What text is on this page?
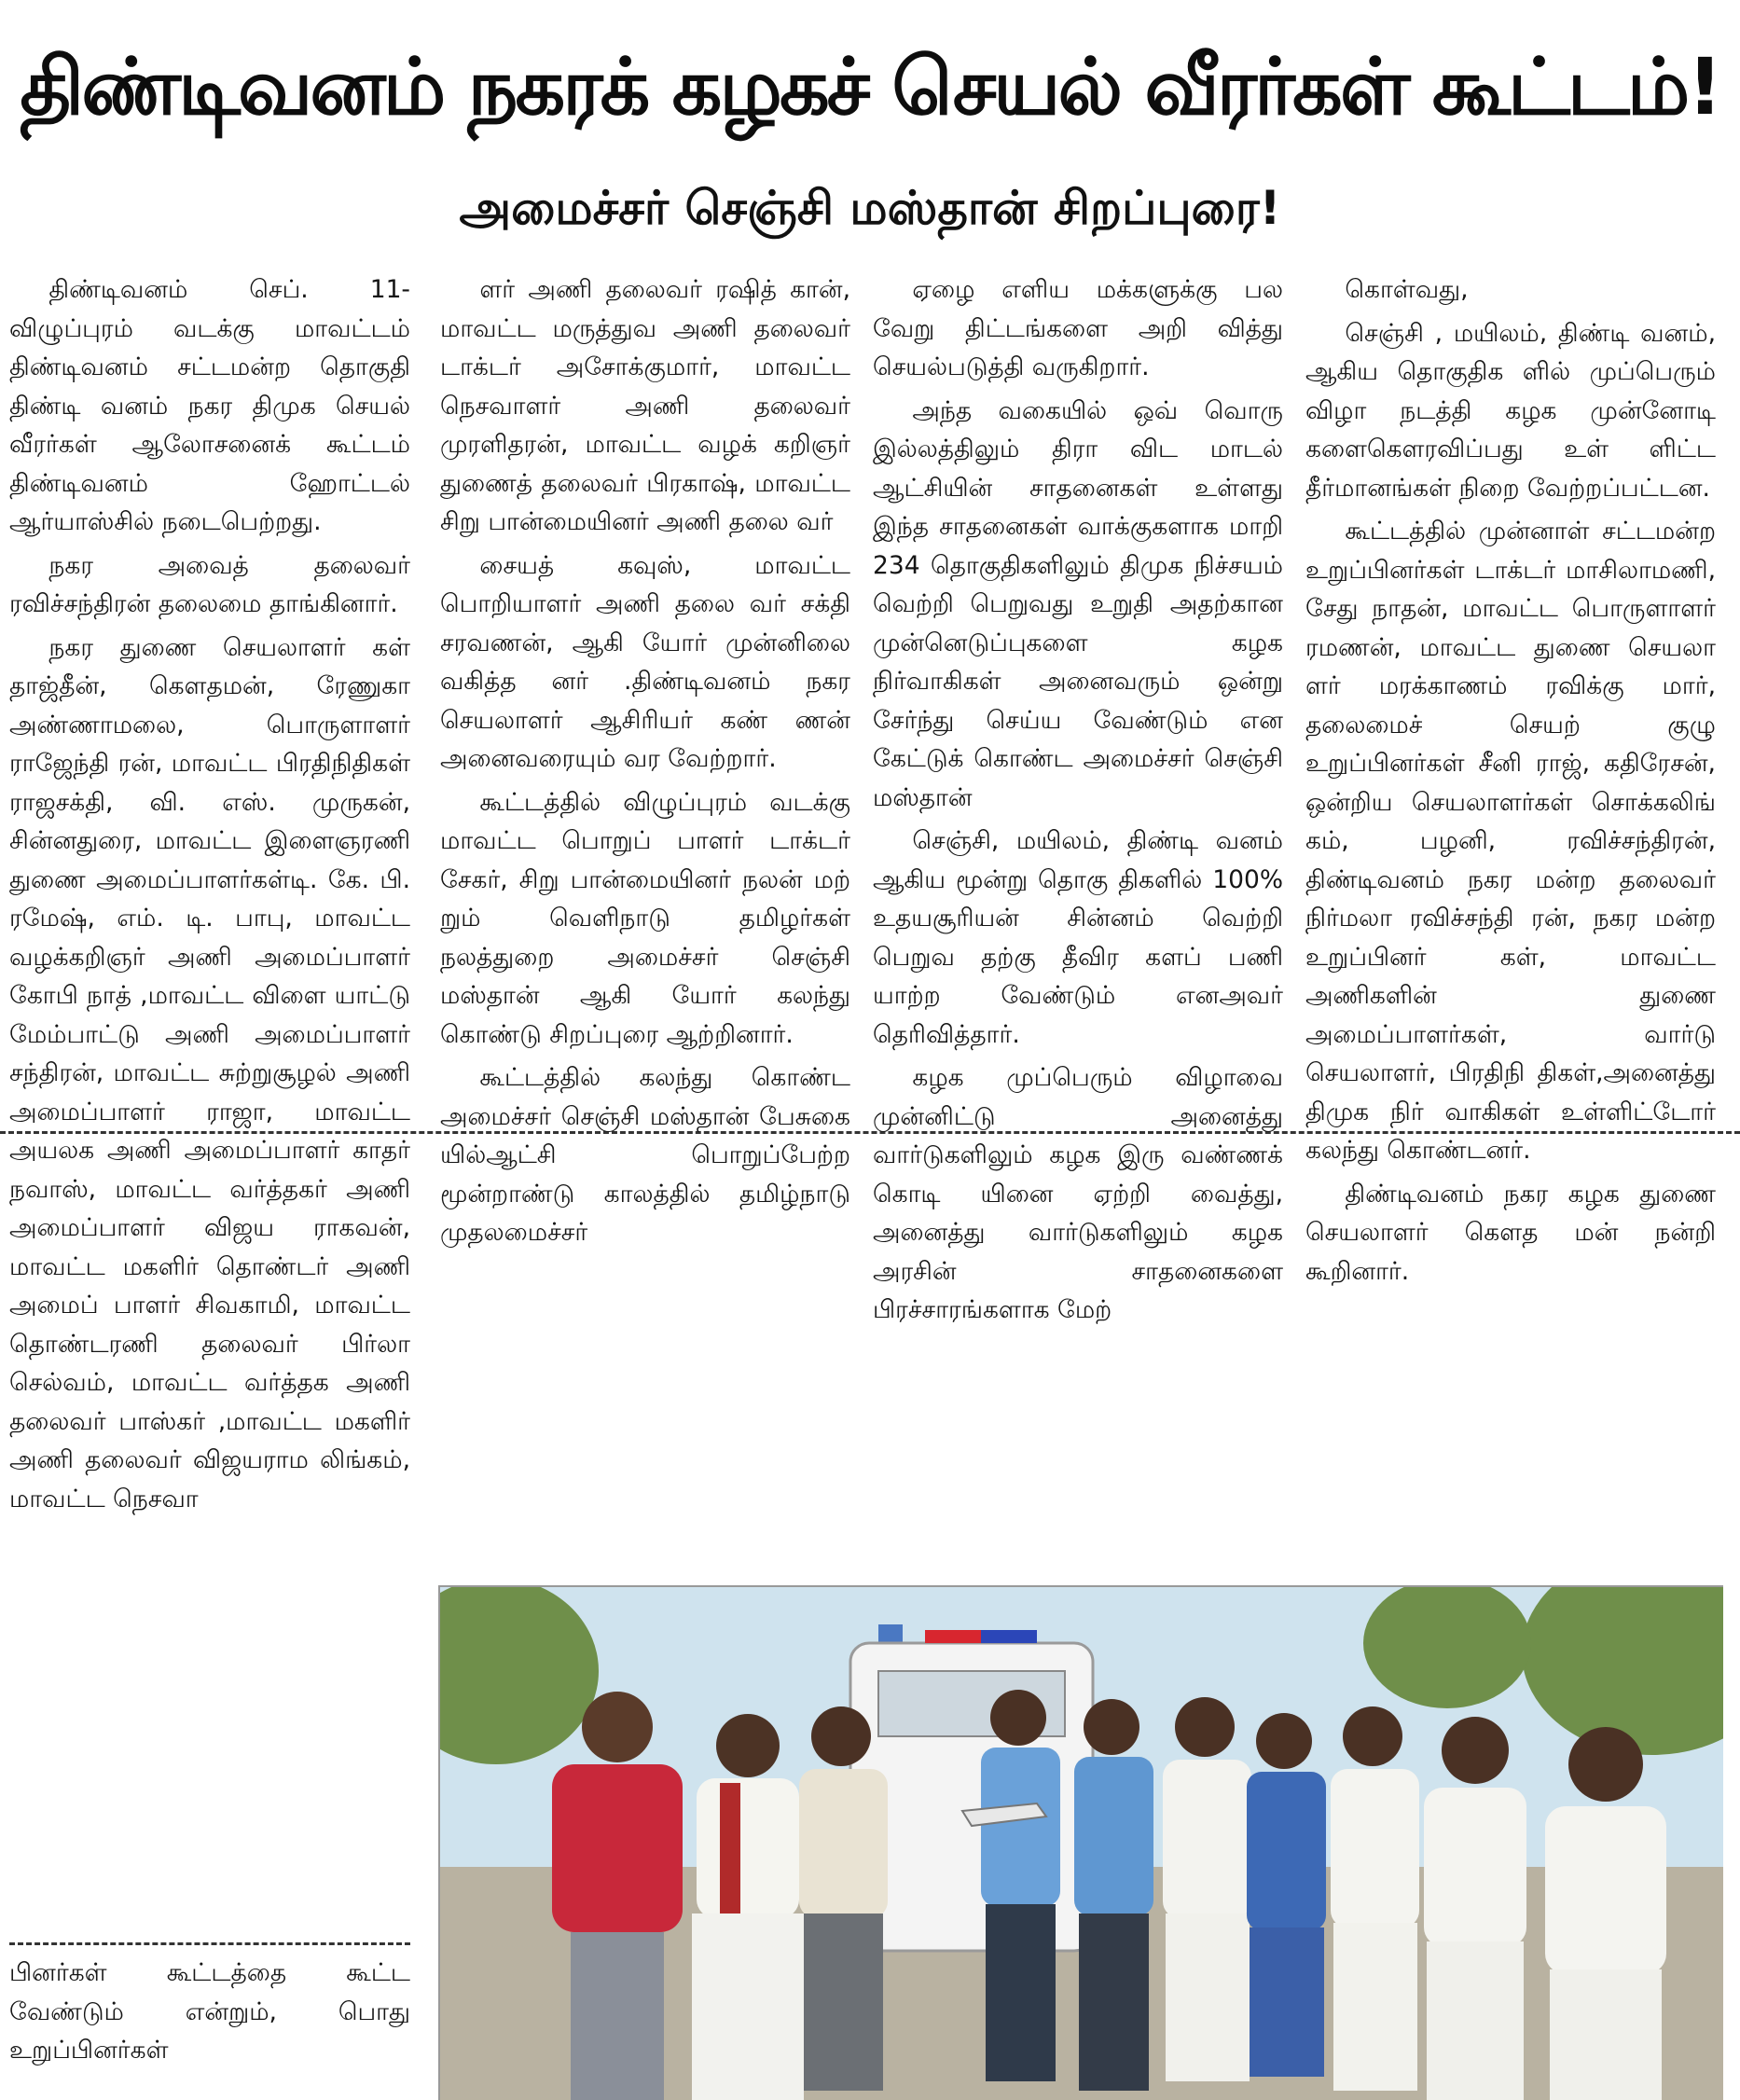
திண்டிவனம் நகரக் கழகச் செயல் வீரர்கள் கூட்டம்!
அமைச்சர் செஞ்சி மஸ்தான் சிறப்புரை!

திண்டிவனம் செப். 11- விழுப்புரம் வடக்கு மாவட்டம் திண்டிவனம் சட்டமன்ற தொகுதி திண்டி வனம் நகர திமுக செயல் வீரர்கள் ஆலோசனைக் கூட்டம் திண்டிவனம் ஹோட்டல் ஆர்யாஸ்சில் நடைபெற்றது.

நகர அவைத் தலைவர் ரவிச்சந்திரன் தலைமை தாங்கினார்.

நகர துணை செயலாளர் கள் தாஜ்தீன், கௌதமன், ரேணுகா அண்ணாமலை, பொருளாளர் ராஜேந்தி ரன், மாவட்ட பிரதிநிதிகள் ராஜசக்தி, வி. எஸ். முருகன், சின்னதுரை, மாவட்ட இளைஞரணி துணை அமைப்பாளர்கள்டி. கே. பி. ரமேஷ், எம். டி. பாபு, மாவட்ட வழக்கறிஞர் அணி அமைப்பாளர் கோபி நாத் ,மாவட்ட விளை யாட்டு மேம்பாட்டு அணி அமைப்பாளர் சந்திரன், மாவட்ட சுற்றுசூழல் அணி அமைப்பாளர் ராஜா, மாவட்ட அயலக அணி அமைப்பாளர் காதர் நவாஸ், மாவட்ட வர்த்தகர் அணி அமைப்பாளர் விஜய ராகவன், மாவட்ட மகளிர் தொண்டர் அணி அமைப் பாளர் சிவகாமி, மாவட்ட தொண்டரணி தலைவர் பிர்லா செல்வம், மாவட்ட வர்த்தக அணி தலைவர் பாஸ்கர் ,மாவட்ட மகளிர் அணி தலைவர் விஜயராம லிங்கம், மாவட்ட நெசவா

ளர் அணி தலைவர் ரஷித் கான், மாவட்ட மருத்துவ அணி தலைவர் டாக்டர் அசோக்குமார், மாவட்ட நெசவாளர் அணி தலைவர் முரளிதரன், மாவட்ட வழக் கறிஞர் துணைத் தலைவர் பிரகாஷ், மாவட்ட சிறு பான்மையினர் அணி தலை வர்

சையத் கவுஸ், மாவட்ட பொறியாளர் அணி தலை வர் சக்தி சரவணன், ஆகி யோர் முன்னிலை வகித்த னர் .திண்டிவனம் நகர செயலாளர் ஆசிரியர் கண் ணன் அனைவரையும் வர வேற்றார்.

கூட்டத்தில் விழுப்புரம் வடக்கு மாவட்ட பொறுப் பாளர் டாக்டர் சேகர், சிறு பான்மையினர் நலன் மற் றும் வெளிநாடு தமிழர்கள் நலத்துறை அமைச்சர் செஞ்சி மஸ்தான் ஆகி யோர் கலந்து கொண்டு சிறப்புரை ஆற்றினார்.

கூட்டத்தில் கலந்து கொண்ட அமைச்சர் செஞ்சி மஸ்தான் பேசுகை யில்ஆட்சி பொறுப்பேற்ற மூன்றாண்டு காலத்தில் தமிழ்நாடு முதலமைச்சர்

ஏழை எளிய மக்களுக்கு பல வேறு திட்டங்களை அறி வித்து செயல்படுத்தி வருகிறார்.

அந்த வகையில் ஒவ் வொரு இல்லத்திலும் திரா விட மாடல் ஆட்சியின் சாதனைகள் உள்ளது இந்த சாதனைகள் வாக்குகளாக மாறி 234 தொகுதிகளிலும் திமுக நிச்சயம் வெற்றி பெறுவது உறுதி அதற்கான முன்னெடுப்புகளை கழக நிர்வாகிகள் அனைவரும் ஒன்று சேர்ந்து செய்ய வேண்டும் என கேட்டுக் கொண்ட அமைச்சர் செஞ்சி மஸ்தான்

செஞ்சி, மயிலம், திண்டி வனம் ஆகிய மூன்று தொகு திகளில் 100% உதயசூரியன் சின்னம் வெற்றி பெறுவ தற்கு தீவிர களப் பணி யாற்ற வேண்டும் எனஅவர் தெரிவித்தார்.

கழக முப்பெரும் விழாவை முன்னிட்டு அனைத்து வார்டுகளிலும் கழக இரு வண்ணக் கொடி யினை ஏற்றி வைத்து, அனைத்து வார்டுகளிலும் கழக அரசின் சாதனைகளை பிரச்சாரங்களாக மேற்

கொள்வது,

செஞ்சி , மயிலம், திண்டி வனம், ஆகிய தொகுதிக ளில் முப்பெரும் விழா நடத்தி கழக முன்னோடி களைகௌரவிப்பது உள் ளிட்ட தீர்மானங்கள் நிறை வேற்றப்பட்டன.

கூட்டத்தில் முன்னாள் சட்டமன்ற உறுப்பினர்கள் டாக்டர் மாசிலாமணி, சேது நாதன், மாவட்ட பொருளாளர் ரமணன், மாவட்ட துணை செயலா ளர் மரக்காணம் ரவிக்கு மார், தலைமைச் செயற் குழு உறுப்பினர்கள் சீனி ராஜ், கதிரேசன், ஒன்றிய செயலாளர்கள் சொக்கலிங் கம், பழனி, ரவிச்சந்திரன், திண்டிவனம் நகர மன்ற தலைவர் நிர்மலா ரவிச்சந்தி ரன், நகர மன்ற உறுப்பினர் கள், மாவட்ட அணிகளின் துணை அமைப்பாளர்கள், வார்டு செயலாளர், பிரதிநி திகள்,அனைத்து திமுக நிர் வாகிகள் உள்ளிட்டோர் கலந்து கொண்டனர்.

திண்டிவனம் நகர கழக துணை செயலாளர் கௌத மன் நன்றி கூறினார்.

பினர்கள் கூட்டத்தை கூட்ட வேண்டும் என்றும், பொது உறுப்பினர்கள்
